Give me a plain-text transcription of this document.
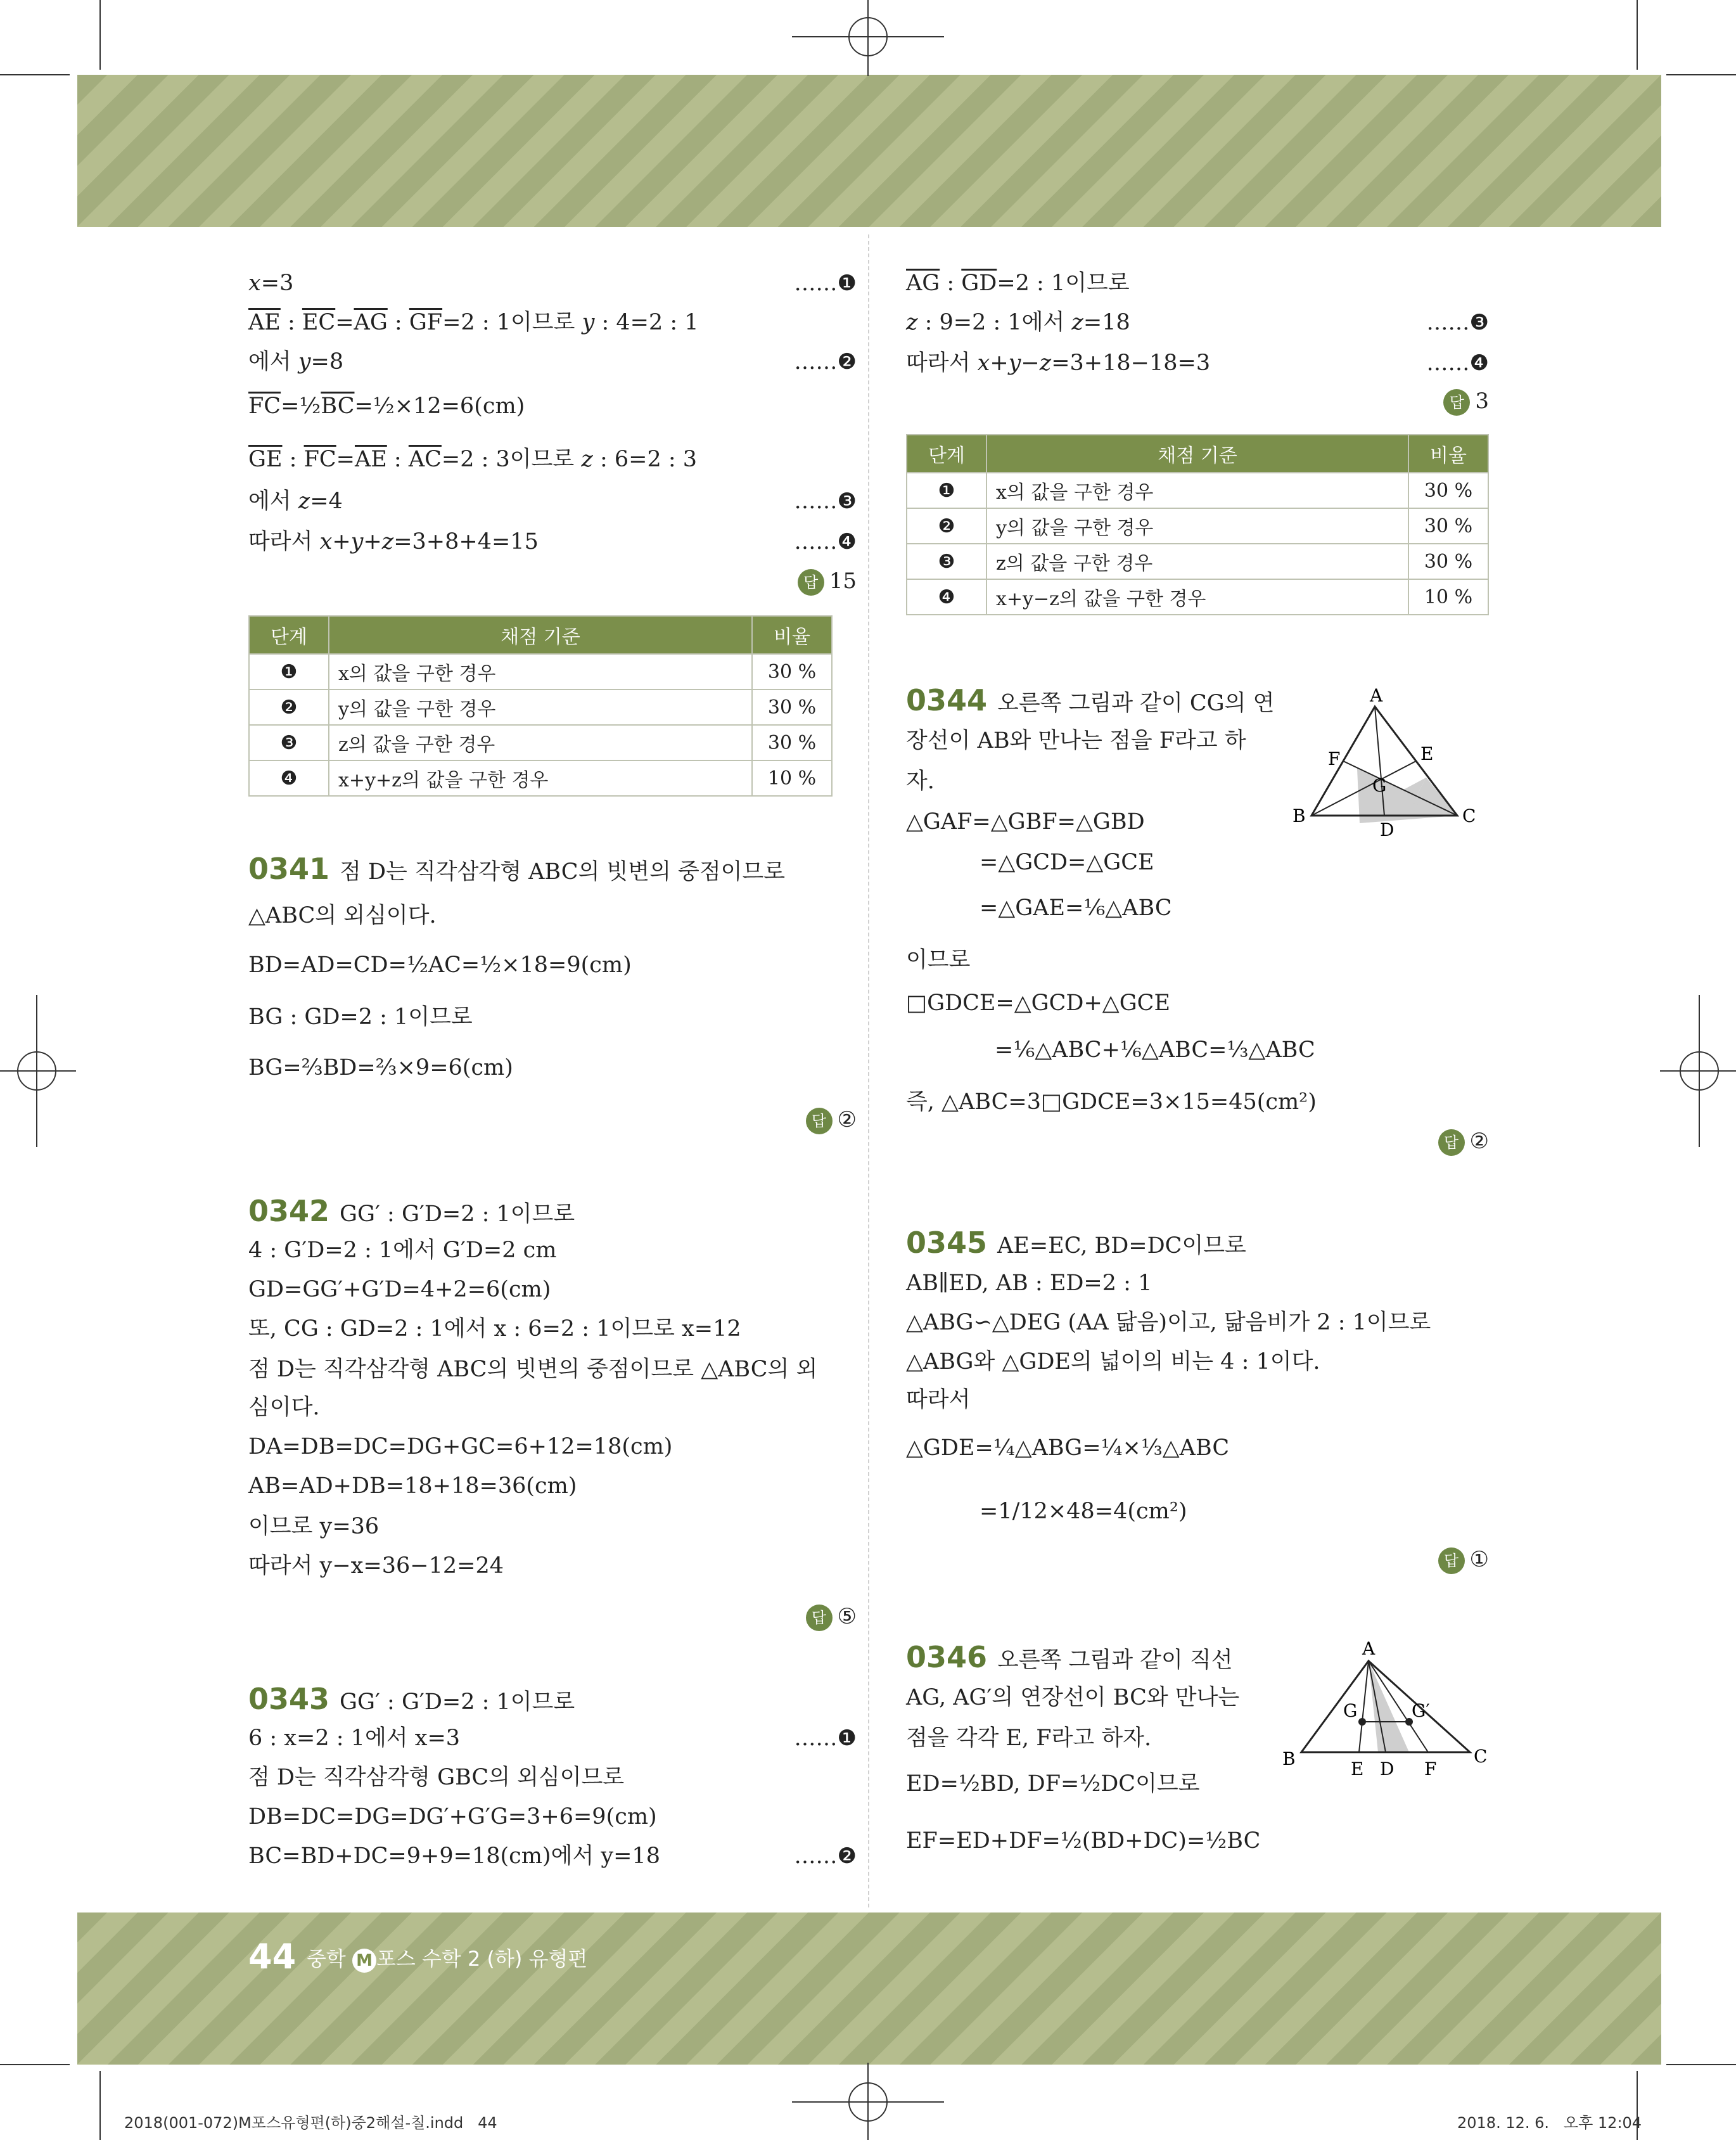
x=3	……❶
$\overline{AE}$ : $\overline{EC}=\overline{AG}$ : $\overline{GF}=2$ : 1이므로 y : 4=2 : 1
에서 y=8	……❷
$\overline{FC}=\frac{1}{2}\overline{BC}=\frac{1}{2}\times 12=6(cm)$
$\overline{GE}$ : $\overline{FC}=\overline{AE}$ : $\overline{AC}=2$ : 3이므로 z : 6=2 : 3
에서 z=4	……❸
따라서 x+y+z=3+8+4=15	……❹
답 15
단계	채점 기준	비율
❶	x의 값을 구한 경우	30 %
❷	y의 값을 구한 경우	30 %
❸	z의 값을 구한 경우	30 %
❹	x+y+z의 값을 구한 경우	10 %
0341 점 D는 직각삼각형 ABC의 빗변의 중점이므로
△ABC의 외심이다.
BD=AD=CD=½AC=½×18=9(cm)
BG : GD=2 : 1이므로
BG=⅔BD=⅔×9=6(cm)
답 ②
0342 GG′ : G′D=2 : 1이므로
4 : G′D=2 : 1에서 G′D=2 cm
GD=GG′+G′D=4+2=6(cm)
또, CG : GD=2 : 1에서 x : 6=2 : 1이므로 x=12
점 D는 직각삼각형 ABC의 빗변의 중점이므로 △ABC의 외
심이다.
DA=DB=DC=DG+GC=6+12=18(cm)
AB=AD+DB=18+18=36(cm)
이므로 y=36
따라서 y−x=36−12=24
답 ⑤
0343 GG′ : G′D=2 : 1이므로
6 : x=2 : 1에서 x=3	……❶
점 D는 직각삼각형 GBC의 외심이므로
DB=DC=DG=DG′+G′G=3+6=9(cm)
BC=BD+DC=9+9=18(cm)에서 y=18	……❷
$\overline{AG}$ : $\overline{GD}=2$ : 1이므로
z : 9=2 : 1에서 z=18	……❸
따라서 x+y−z=3+18−18=3	……❹
답 3
단계	채점 기준	비율
❶	x의 값을 구한 경우	30 %
❷	y의 값을 구한 경우	30 %
❸	z의 값을 구한 경우	30 %
❹	x+y−z의 값을 구한 경우	10 %
0344 오른쪽 그림과 같이 CG의 연
장선이 AB와 만나는 점을 F라고 하
자.
△GAF=△GBF=△GBD
=△GCD=△GCE
=△GAE=⅙△ABC
이므로
□GDCE=△GCD+△GCE
=⅙△ABC+⅙△ABC=⅓△ABC
즉, △ABC=3□GDCE=3×15=45(cm²)
답 ②
A
B	C
D
E
F
G
0345 AE=EC, BD=DC이므로
AB∥ED, AB : ED=2 : 1
△ABG∽△DEG (AA 닮음)이고, 닮음비가 2 : 1이므로
△ABG와 △GDE의 넓이의 비는 4 : 1이다.
따라서
△GDE=¼△ABG=¼×⅓△ABC
=1/12×48=4(cm²)
답 ①
0346 오른쪽 그림과 같이 직선
AG, AG′의 연장선이 BC와 만나는
점을 각각 E, F라고 하자.
ED=½BD, DF=½DC이므로
EF=ED+DF=½(BD+DC)=½BC
A
B	C
E D F
G	G′
44 중학 M 포스 수학 2 (하) 유형편
2018(001-072)M포스유형편(하)중2해설-칠.indd   44	2018. 12. 6.   오후 12:04
